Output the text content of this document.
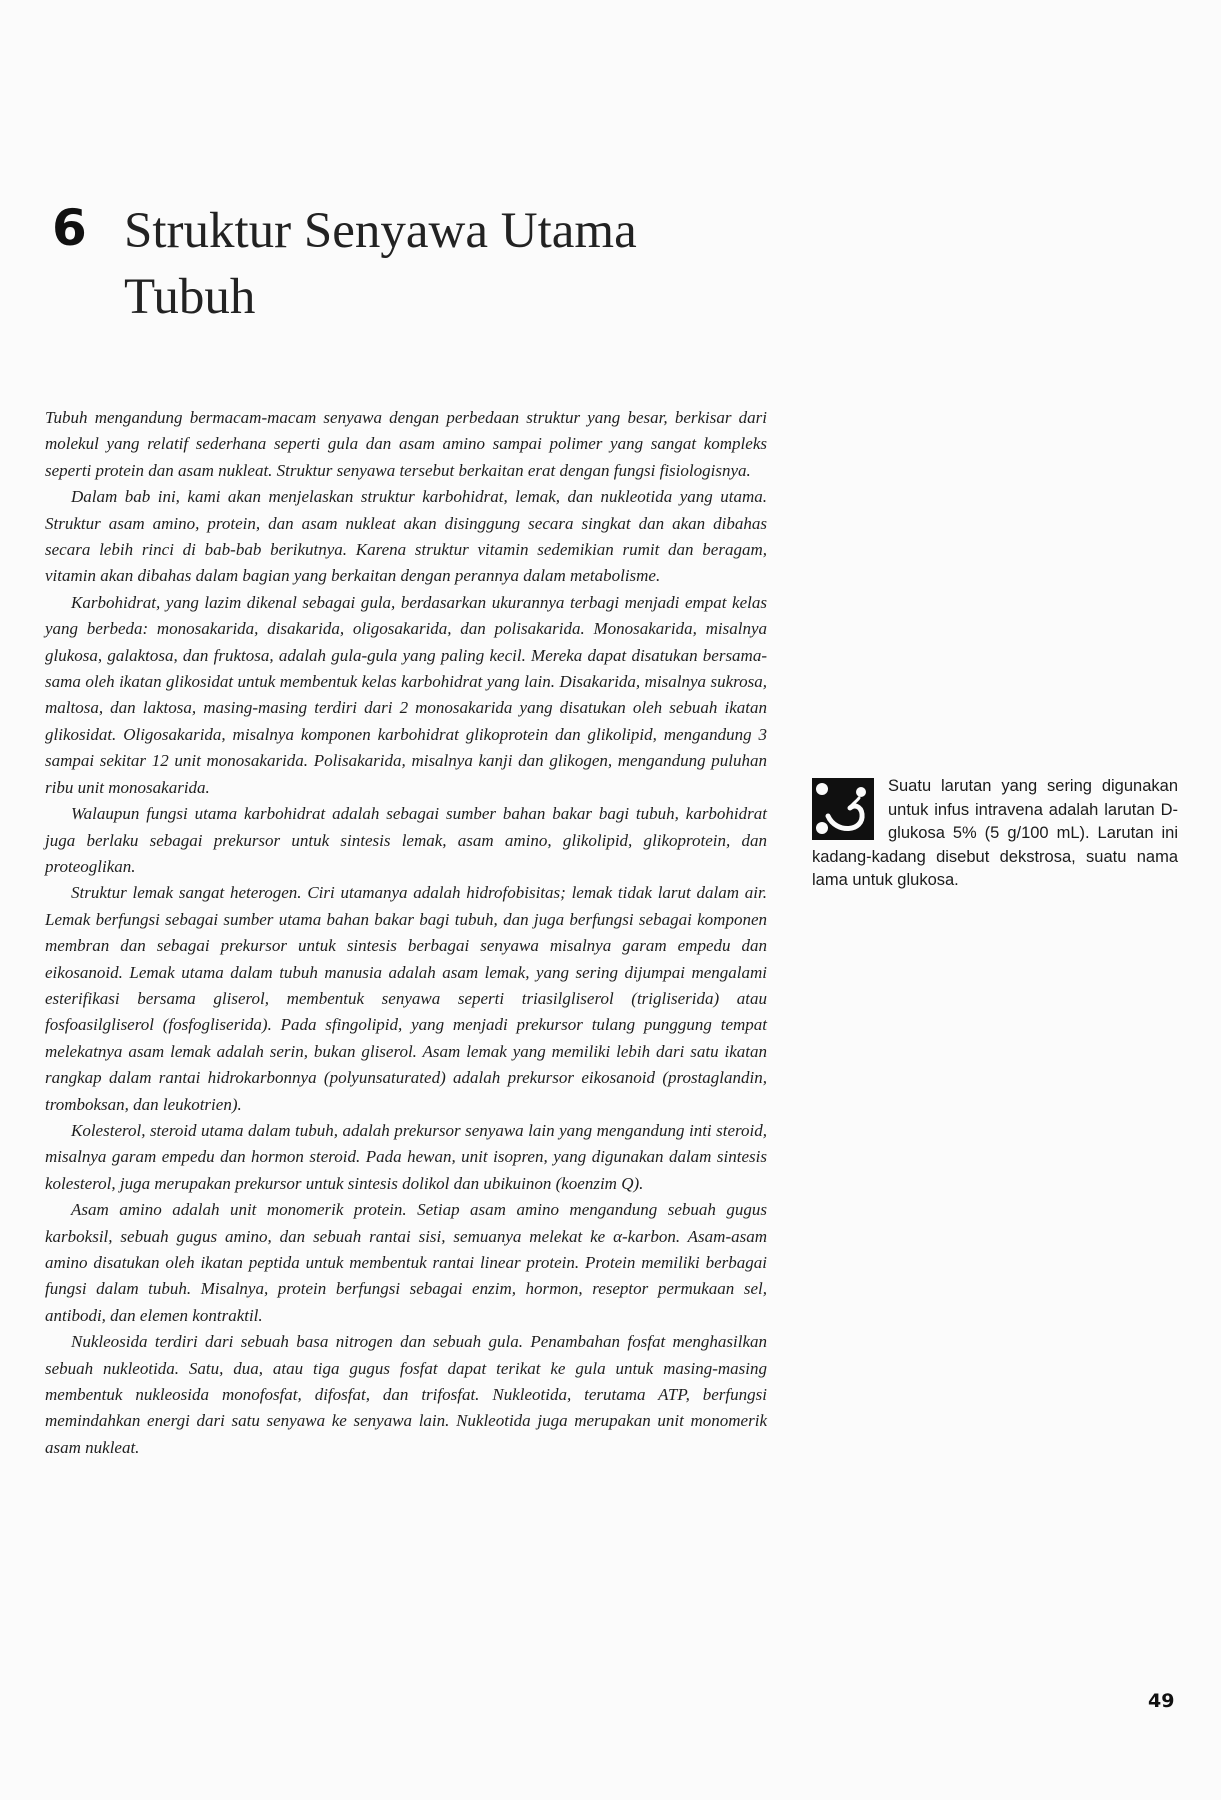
6 Struktur Senyawa Utama Tubuh

Tubuh mengandung bermacam-macam senyawa dengan perbedaan struktur yang besar, berkisar dari molekul yang relatif sederhana seperti gula dan asam amino sampai polimer yang sangat kompleks seperti protein dan asam nukleat. Struktur senyawa tersebut berkaitan erat dengan fungsi fisiologisnya.

Dalam bab ini, kami akan menjelaskan struktur karbohidrat, lemak, dan nukleotida yang utama. Struktur asam amino, protein, dan asam nukleat akan disinggung secara singkat dan akan dibahas secara lebih rinci di bab-bab berikutnya. Karena struktur vitamin sedemikian rumit dan beragam, vitamin akan dibahas dalam bagian yang berkaitan dengan perannya dalam metabolisme.

Karbohidrat, yang lazim dikenal sebagai gula, berdasarkan ukurannya terbagi menjadi empat kelas yang berbeda: monosakarida, disakarida, oligosakarida, dan polisakarida. Monosakarida, misalnya glukosa, galaktosa, dan fruktosa, adalah gula-gula yang paling kecil. Mereka dapat disatukan bersama-sama oleh ikatan glikosidat untuk membentuk kelas karbohidrat yang lain. Disakarida, misalnya sukrosa, maltosa, dan laktosa, masing-masing terdiri dari 2 monosakarida yang disatukan oleh sebuah ikatan glikosidat. Oligosakarida, misalnya komponen karbohidrat glikoprotein dan glikolipid, mengandung 3 sampai sekitar 12 unit monosakarida. Polisakarida, misalnya kanji dan glikogen, mengandung puluhan ribu unit monosakarida.

Walaupun fungsi utama karbohidrat adalah sebagai sumber bahan bakar bagi tubuh, karbohidrat juga berlaku sebagai prekursor untuk sintesis lemak, asam amino, glikolipid, glikoprotein, dan proteoglikan.

Struktur lemak sangat heterogen. Ciri utamanya adalah hidrofobisitas; lemak tidak larut dalam air. Lemak berfungsi sebagai sumber utama bahan bakar bagi tubuh, dan juga berfungsi sebagai komponen membran dan sebagai prekursor untuk sintesis berbagai senyawa misalnya garam empedu dan eikosanoid. Lemak utama dalam tubuh manusia adalah asam lemak, yang sering dijumpai mengalami esterifikasi bersama gliserol, membentuk senyawa seperti triasilgliserol (trigliserida) atau fosfoasilgliserol (fosfogliserida). Pada sfingolipid, yang menjadi prekursor tulang punggung tempat melekatnya asam lemak adalah serin, bukan gliserol. Asam lemak yang memiliki lebih dari satu ikatan rangkap dalam rantai hidrokarbonnya (polyunsaturated) adalah prekursor eikosanoid (prostaglandin, tromboksan, dan leukotrien).

Kolesterol, steroid utama dalam tubuh, adalah prekursor senyawa lain yang mengandung inti steroid, misalnya garam empedu dan hormon steroid. Pada hewan, unit isopren, yang digunakan dalam sintesis kolesterol, juga merupakan prekursor untuk sintesis dolikol dan ubikuinon (koenzim Q).

Asam amino adalah unit monomerik protein. Setiap asam amino mengandung sebuah gugus karboksil, sebuah gugus amino, dan sebuah rantai sisi, semuanya melekat ke α-karbon. Asam-asam amino disatukan oleh ikatan peptida untuk membentuk rantai linear protein. Protein memiliki berbagai fungsi dalam tubuh. Misalnya, protein berfungsi sebagai enzim, hormon, reseptor permukaan sel, antibodi, dan elemen kontraktil.

Nukleosida terdiri dari sebuah basa nitrogen dan sebuah gula. Penambahan fosfat menghasilkan sebuah nukleotida. Satu, dua, atau tiga gugus fosfat dapat terikat ke gula untuk masing-masing membentuk nukleosida monofosfat, difosfat, dan trifosfat. Nukleotida, terutama ATP, berfungsi memindahkan energi dari satu senyawa ke senyawa lain. Nukleotida juga merupakan unit monomerik asam nukleat.

Suatu larutan yang sering digunakan untuk infus intravena adalah larutan D-glukosa 5% (5 g/100 mL). Larutan ini kadang-kadang disebut dekstrosa, suatu nama lama untuk glukosa.
49
